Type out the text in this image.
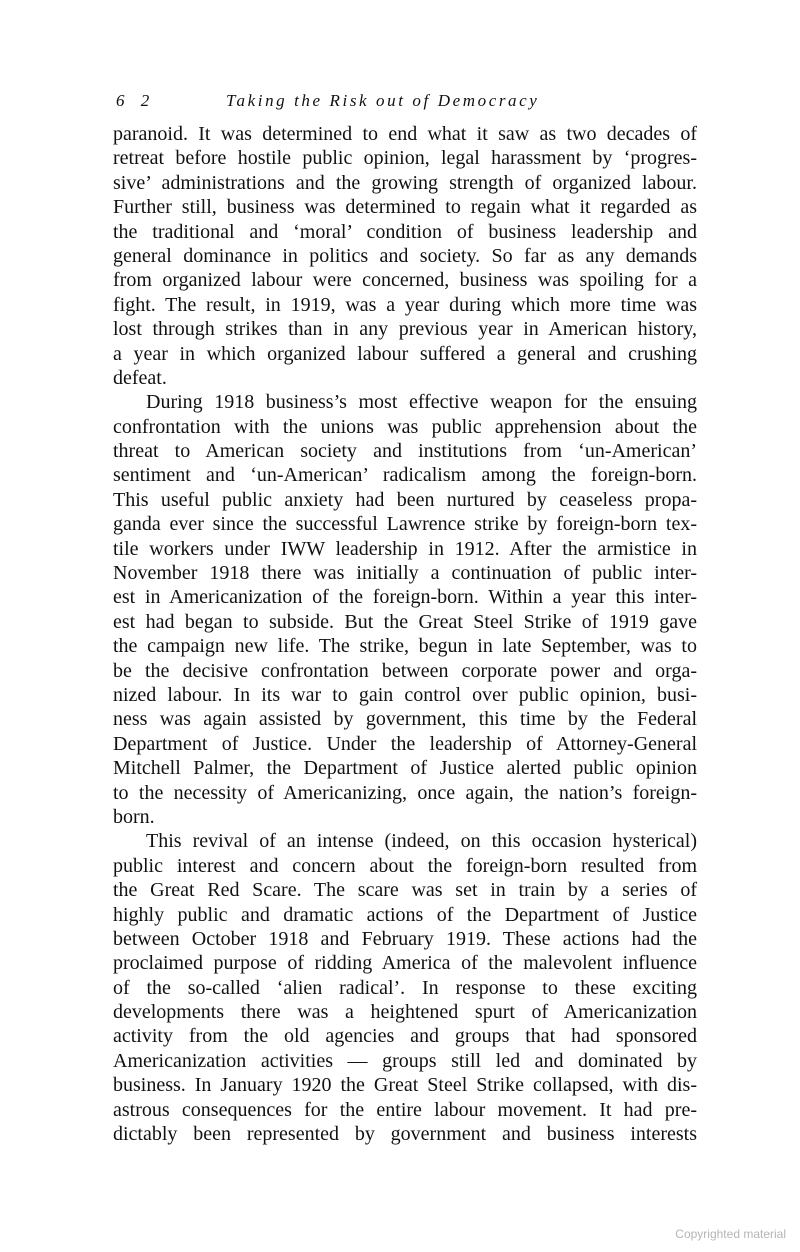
6 2	Taking the Risk out of Democracy
paranoid. It was determined to end what it saw as two decades of
retreat before hostile public opinion, legal harassment by ‘progres-
sive’ administrations and the growing strength of organized labour.
Further still, business was determined to regain what it regarded as
the traditional and ‘moral’ condition of business leadership and
general dominance in politics and society. So far as any demands
from organized labour were concerned, business was spoiling for a
fight. The result, in 1919, was a year during which more time was
lost through strikes than in any previous year in American history,
a year in which organized labour suffered a general and crushing
defeat.
During 1918 business’s most effective weapon for the ensuing
confrontation with the unions was public apprehension about the
threat to American society and institutions from ‘un-American’
sentiment and ‘un-American’ radicalism among the foreign-born.
This useful public anxiety had been nurtured by ceaseless propa-
ganda ever since the successful Lawrence strike by foreign-born tex-
tile workers under IWW leadership in 1912. After the armistice in
November 1918 there was initially a continuation of public inter-
est in Americanization of the foreign-born. Within a year this inter-
est had began to subside. But the Great Steel Strike of 1919 gave
the campaign new life. The strike, begun in late September, was to
be the decisive confrontation between corporate power and orga-
nized labour. In its war to gain control over public opinion, busi-
ness was again assisted by government, this time by the Federal
Department of Justice. Under the leadership of Attorney-General
Mitchell Palmer, the Department of Justice alerted public opinion
to the necessity of Americanizing, once again, the nation’s foreign-
born.
This revival of an intense (indeed, on this occasion hysterical)
public interest and concern about the foreign-born resulted from
the Great Red Scare. The scare was set in train by a series of
highly public and dramatic actions of the Department of Justice
between October 1918 and February 1919. These actions had the
proclaimed purpose of ridding America of the malevolent influence
of the so-called ‘alien radical’. In response to these exciting
developments there was a heightened spurt of Americanization
activity from the old agencies and groups that had sponsored
Americanization activities — groups still led and dominated by
business. In January 1920 the Great Steel Strike collapsed, with dis-
astrous consequences for the entire labour movement. It had pre-
dictably been represented by government and business interests
Copyrighted material
